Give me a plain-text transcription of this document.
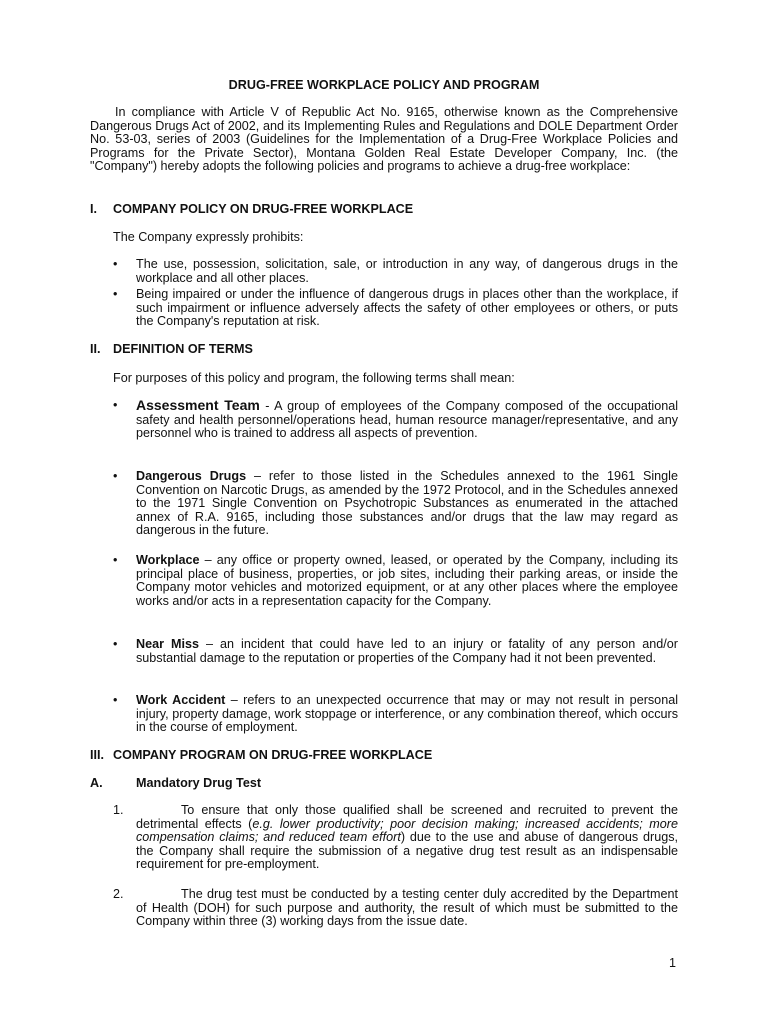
DRUG-FREE WORKPLACE POLICY AND PROGRAM

In compliance with Article V of Republic Act No. 9165, otherwise known as the Comprehensive Dangerous Drugs Act of 2002, and its Implementing Rules and Regulations and DOLE Department Order No. 53-03, series of 2003 (Guidelines for the Implementation of a Drug-Free Workplace Policies and Programs for the Private Sector), Montana Golden Real Estate Developer Company, Inc. (the "Company") hereby adopts the following policies and programs to achieve a drug-free workplace:

I. COMPANY POLICY ON DRUG-FREE WORKPLACE

The Company expressly prohibits:

•	The use, possession, solicitation, sale, or introduction in any way, of dangerous drugs in the workplace and all other places.
•	Being impaired or under the influence of dangerous drugs in places other than the workplace, if such impairment or influence adversely affects the safety of other employees or others, or puts the Company's reputation at risk.
II. DEFINITION OF TERMS

For purposes of this policy and program, the following terms shall mean:

•	Assessment Team - A group of employees of the Company composed of the occupational safety and health personnel/operations head, human resource manager/representative, and any personnel who is trained to address all aspects of prevention.
•	Dangerous Drugs – refer to those listed in the Schedules annexed to the 1961 Single Convention on Narcotic Drugs, as amended by the 1972 Protocol, and in the Schedules annexed to the 1971 Single Convention on Psychotropic Substances as enumerated in the attached annex of R.A. 9165, including those substances and/or drugs that the law may regard as dangerous in the future.
•	Workplace – any office or property owned, leased, or operated by the Company, including its principal place of business, properties, or job sites, including their parking areas, or inside the Company motor vehicles and motorized equipment, or at any other places where the employee works and/or acts in a representation capacity for the Company.
•	Near Miss – an incident that could have led to an injury or fatality of any person and/or substantial damage to the reputation or properties of the Company had it not been prevented.
•	Work Accident – refers to an unexpected occurrence that may or may not result in personal injury, property damage, work stoppage or interference, or any combination thereof, which occurs in the course of employment.
III. COMPANY PROGRAM ON DRUG-FREE WORKPLACE
A.	Mandatory Drug Test
1.	To ensure that only those qualified shall be screened and recruited to prevent the detrimental effects (e.g. lower productivity; poor decision making; increased accidents; more compensation claims; and reduced team effort) due to the use and abuse of dangerous drugs, the Company shall require the submission of a negative drug test result as an indispensable requirement for pre-employment.
2.	The drug test must be conducted by a testing center duly accredited by the Department of Health (DOH) for such purpose and authority, the result of which must be submitted to the Company within three (3) working days from the issue date.
1
